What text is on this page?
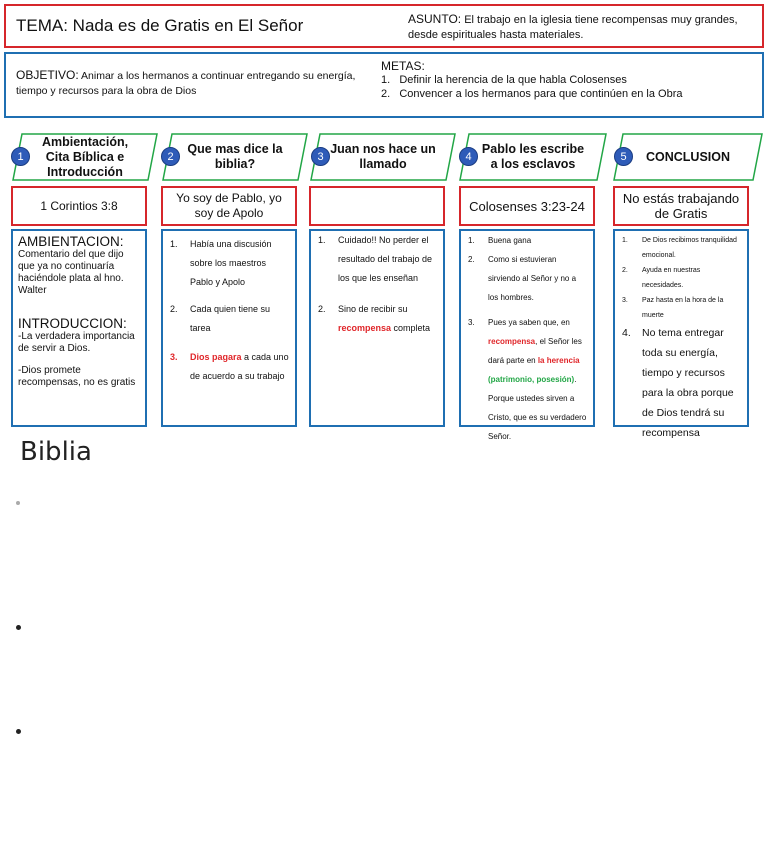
TEMA: Nada es de Gratis en El Señor	ASUNTO: El trabajo en la iglesia tiene recompensas muy grandes, desde espirituales hasta materiales.
OBJETIVO: Animar a los hermanos a continuar entregando su energía, tiempo y recursos para la obra de Dios
METAS:
1. Definir la herencia de la que habla Colosenses
2. Convencer a los hermanos para que continúen en la Obra
Ambientación, Cita Bíblica e Introducción
Que mas dice la biblia?
Juan nos hace un llamado
Pablo les escribe a los esclavos
CONCLUSION
1	2	3	4	5
1 Corintios 3:8
Yo soy de Pablo, yo soy de Apolo	Colosenses 3:23-24	No estás trabajando de Gratis
AMBIENTACION:
Comentario del que dijo que ya no continuaría haciéndole plata al hno. Walter
INTRODUCCION:
-La verdadera importancia de servir a Dios.
-Dios promete recompensas, no es gratis
1. Había una discusión sobre los maestros Pablo y Apolo
2. Cada quien tiene su tarea
3. Dios pagara a cada uno de acuerdo a su trabajo
1. Cuidado!! No perder el resultado del trabajo de los que les enseñan
2. Sino de recibir su recompensa completa
1. Buena gana
2. Como si estuvieran sirviendo al Señor y no a los hombres.
3. Pues ya saben que, en recompensa, el Señor les dará parte en la herencia (patrimonio, posesión). Porque ustedes sirven a Cristo, que es su verdadero Señor.
1. De Dios recibimos tranquilidad emocional.
2. Ayuda en nuestras necesidades.
3. Paz hasta en la hora de la muerte
4. No tema entregar toda su energía, tiempo y recursos para la obra porque de Dios tendrá su recompensa
Biblia
